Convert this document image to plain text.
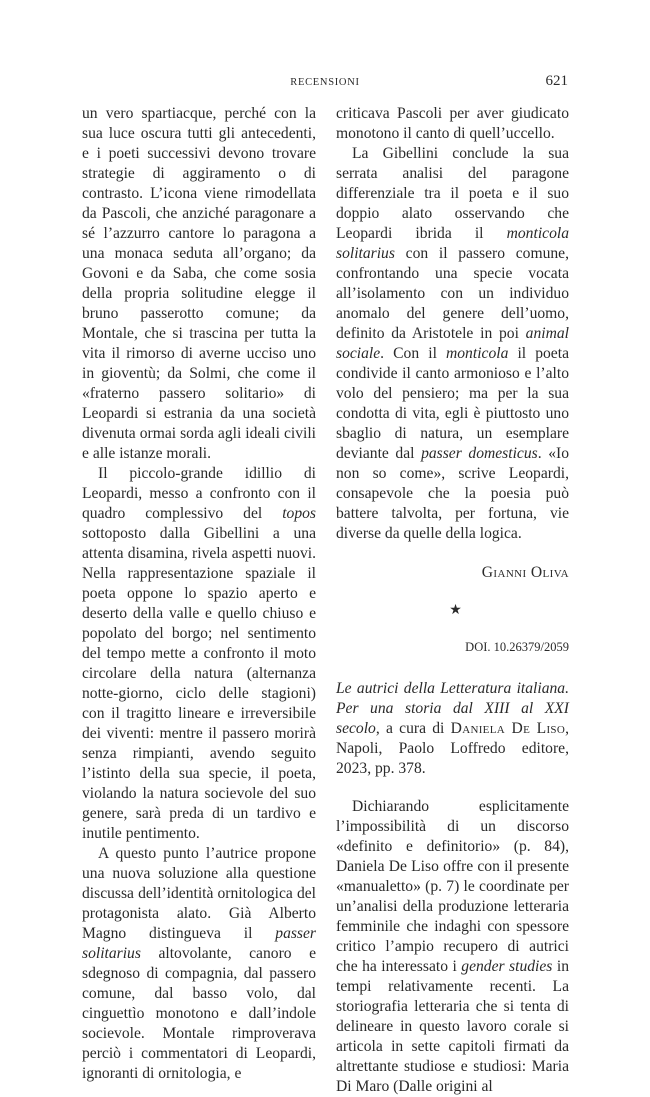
RECENSIONI	621

un vero spartiacque, perché con la sua luce oscura tutti gli antecedenti, e i poeti successivi devono trovare strategie di aggiramento o di contrasto. L’icona viene rimodellata da Pascoli, che anziché paragonare a sé l’azzurro cantore lo paragona a una monaca seduta all’organo; da Govoni e da Saba, che come sosia della propria solitudine elegge il bruno passerotto comune; da Montale, che si trascina per tutta la vita il rimorso di averne ucciso uno in gioventù; da Solmi, che come il «fraterno passero solitario» di Leopardi si estrania da una società divenuta ormai sorda agli ideali civili e alle istanze morali.

Il piccolo-grande idillio di Leopardi, messo a confronto con il quadro complessivo del topos sottoposto dalla Gibellini a una attenta disamina, rivela aspetti nuovi. Nella rappresentazione spaziale il poeta oppone lo spazio aperto e deserto della valle e quello chiuso e popolato del borgo; nel sentimento del tempo mette a confronto il moto circolare della natura (alternanza notte-giorno, ciclo delle stagioni) con il tragitto lineare e irreversibile dei viventi: mentre il passero morirà senza rimpianti, avendo seguito l’istinto della sua specie, il poeta, violando la natura socievole del suo genere, sarà preda di un tardivo e inutile pentimento.

A questo punto l’autrice propone una nuova soluzione alla questione discussa dell’identità ornitologica del protagonista alato. Già Alberto Magno distingueva il passer solitarius altovolante, canoro e sdegnoso di compagnia, dal passero comune, dal basso volo, dal cinguettìo monotono e dall’indole socievole. Montale rimproverava perciò i commentatori di Leopardi, ignoranti di ornitologia, e

criticava Pascoli per aver giudicato monotono il canto di quell’uccello.

La Gibellini conclude la sua serrata analisi del paragone differenziale tra il poeta e il suo doppio alato osservando che Leopardi ibrida il monticola solitarius con il passero comune, confrontando una specie vocata all’isolamento con un individuo anomalo del genere dell’uomo, definito da Aristotele in poi animal sociale. Con il monticola il poeta condivide il canto armonioso e l’alto volo del pensiero; ma per la sua condotta di vita, egli è piuttosto uno sbaglio di natura, un esemplare deviante dal passer domesticus. «Io non so come», scrive Leopardi, consapevole che la poesia può battere talvolta, per fortuna, vie diverse da quelle della logica.

Gianni Oliva
★
DOI. 10.26379/2059
Le autrici della Letteratura italiana. Per una storia dal XIII al XXI secolo, a cura di Daniela De Liso, Napoli, Paolo Loffredo editore, 2023, pp. 378.

Dichiarando esplicitamente l’impossibilità di un discorso «definito e definitorio» (p. 84), Daniela De Liso offre con il presente «manualetto» (p. 7) le coordinate per un’analisi della produzione letteraria femminile che indaghi con spessore critico l’ampio recupero di autrici che ha interessato i gender studies in tempi relativamente recenti. La storiografia letteraria che si tenta di delineare in questo lavoro corale si articola in sette capitoli firmati da altrettante studiose e studiosi: Maria Di Maro (Dalle origini al
